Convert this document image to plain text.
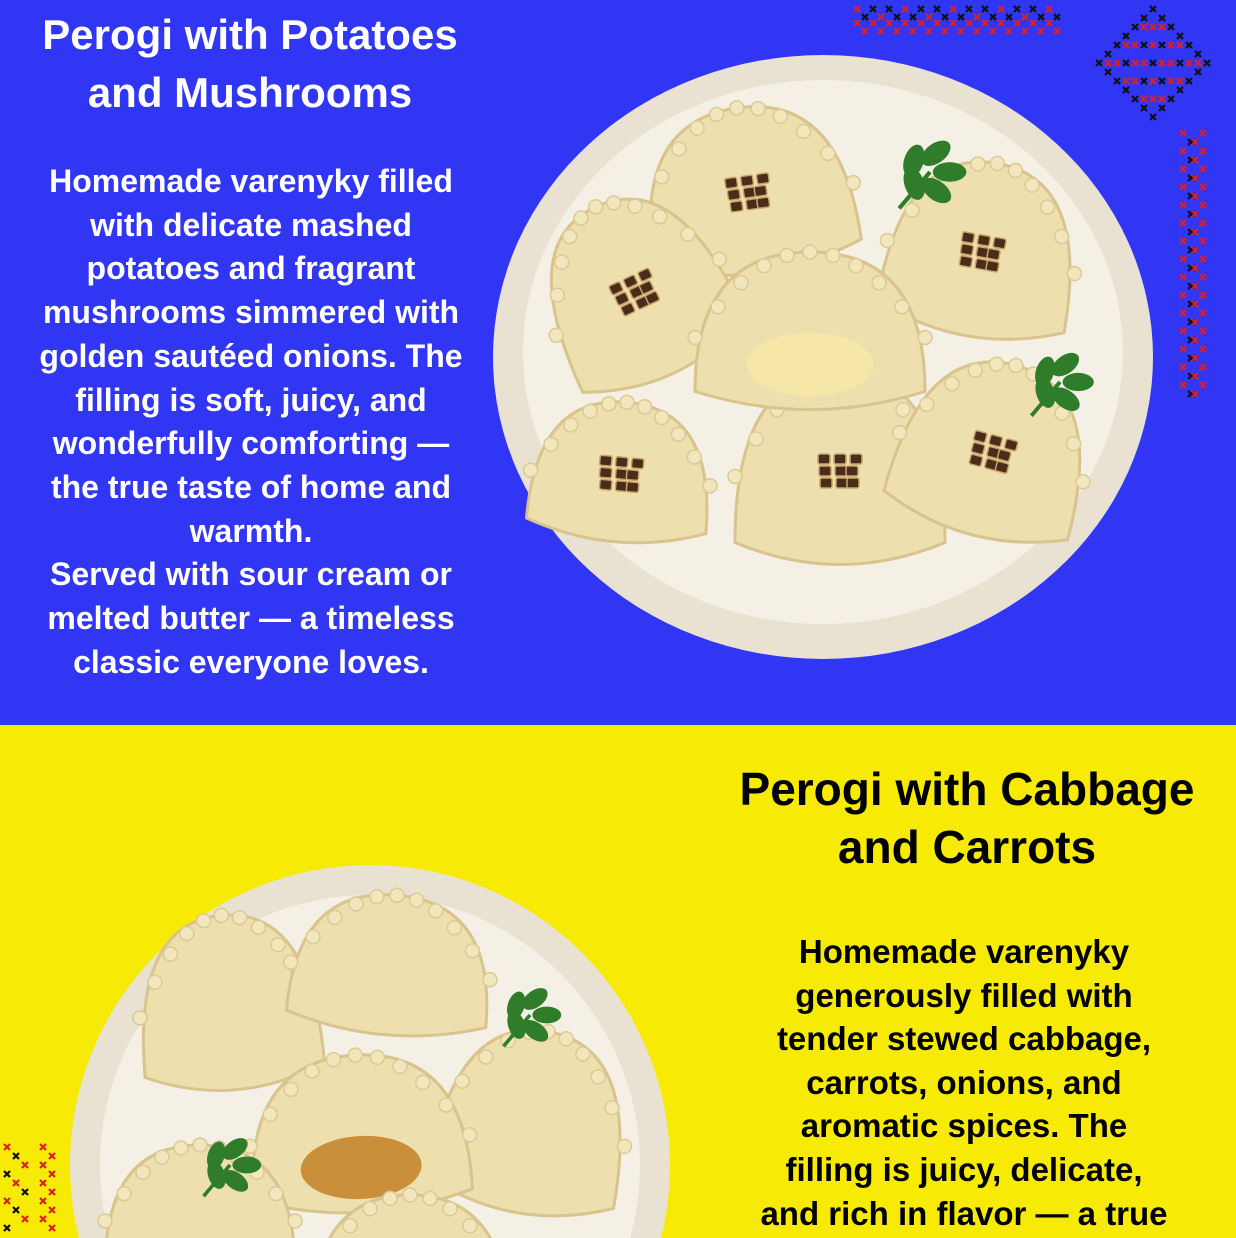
Perogi with Potatoes and Mushrooms

Homemade varenyky filled
with delicate mashed
potatoes and fragrant
mushrooms simmered with
golden sautéed onions. The
filling is soft, juicy, and
wonderfully comforting —
the true taste of home and
warmth.
Served with sour cream or
melted butter — a timeless
classic everyone loves.

Perogi with Cabbage and Carrots

Homemade varenyky
generously filled with
tender stewed cabbage,
carrots, onions, and
aromatic spices. The
filling is juicy, delicate,
and rich in flavor — a true
